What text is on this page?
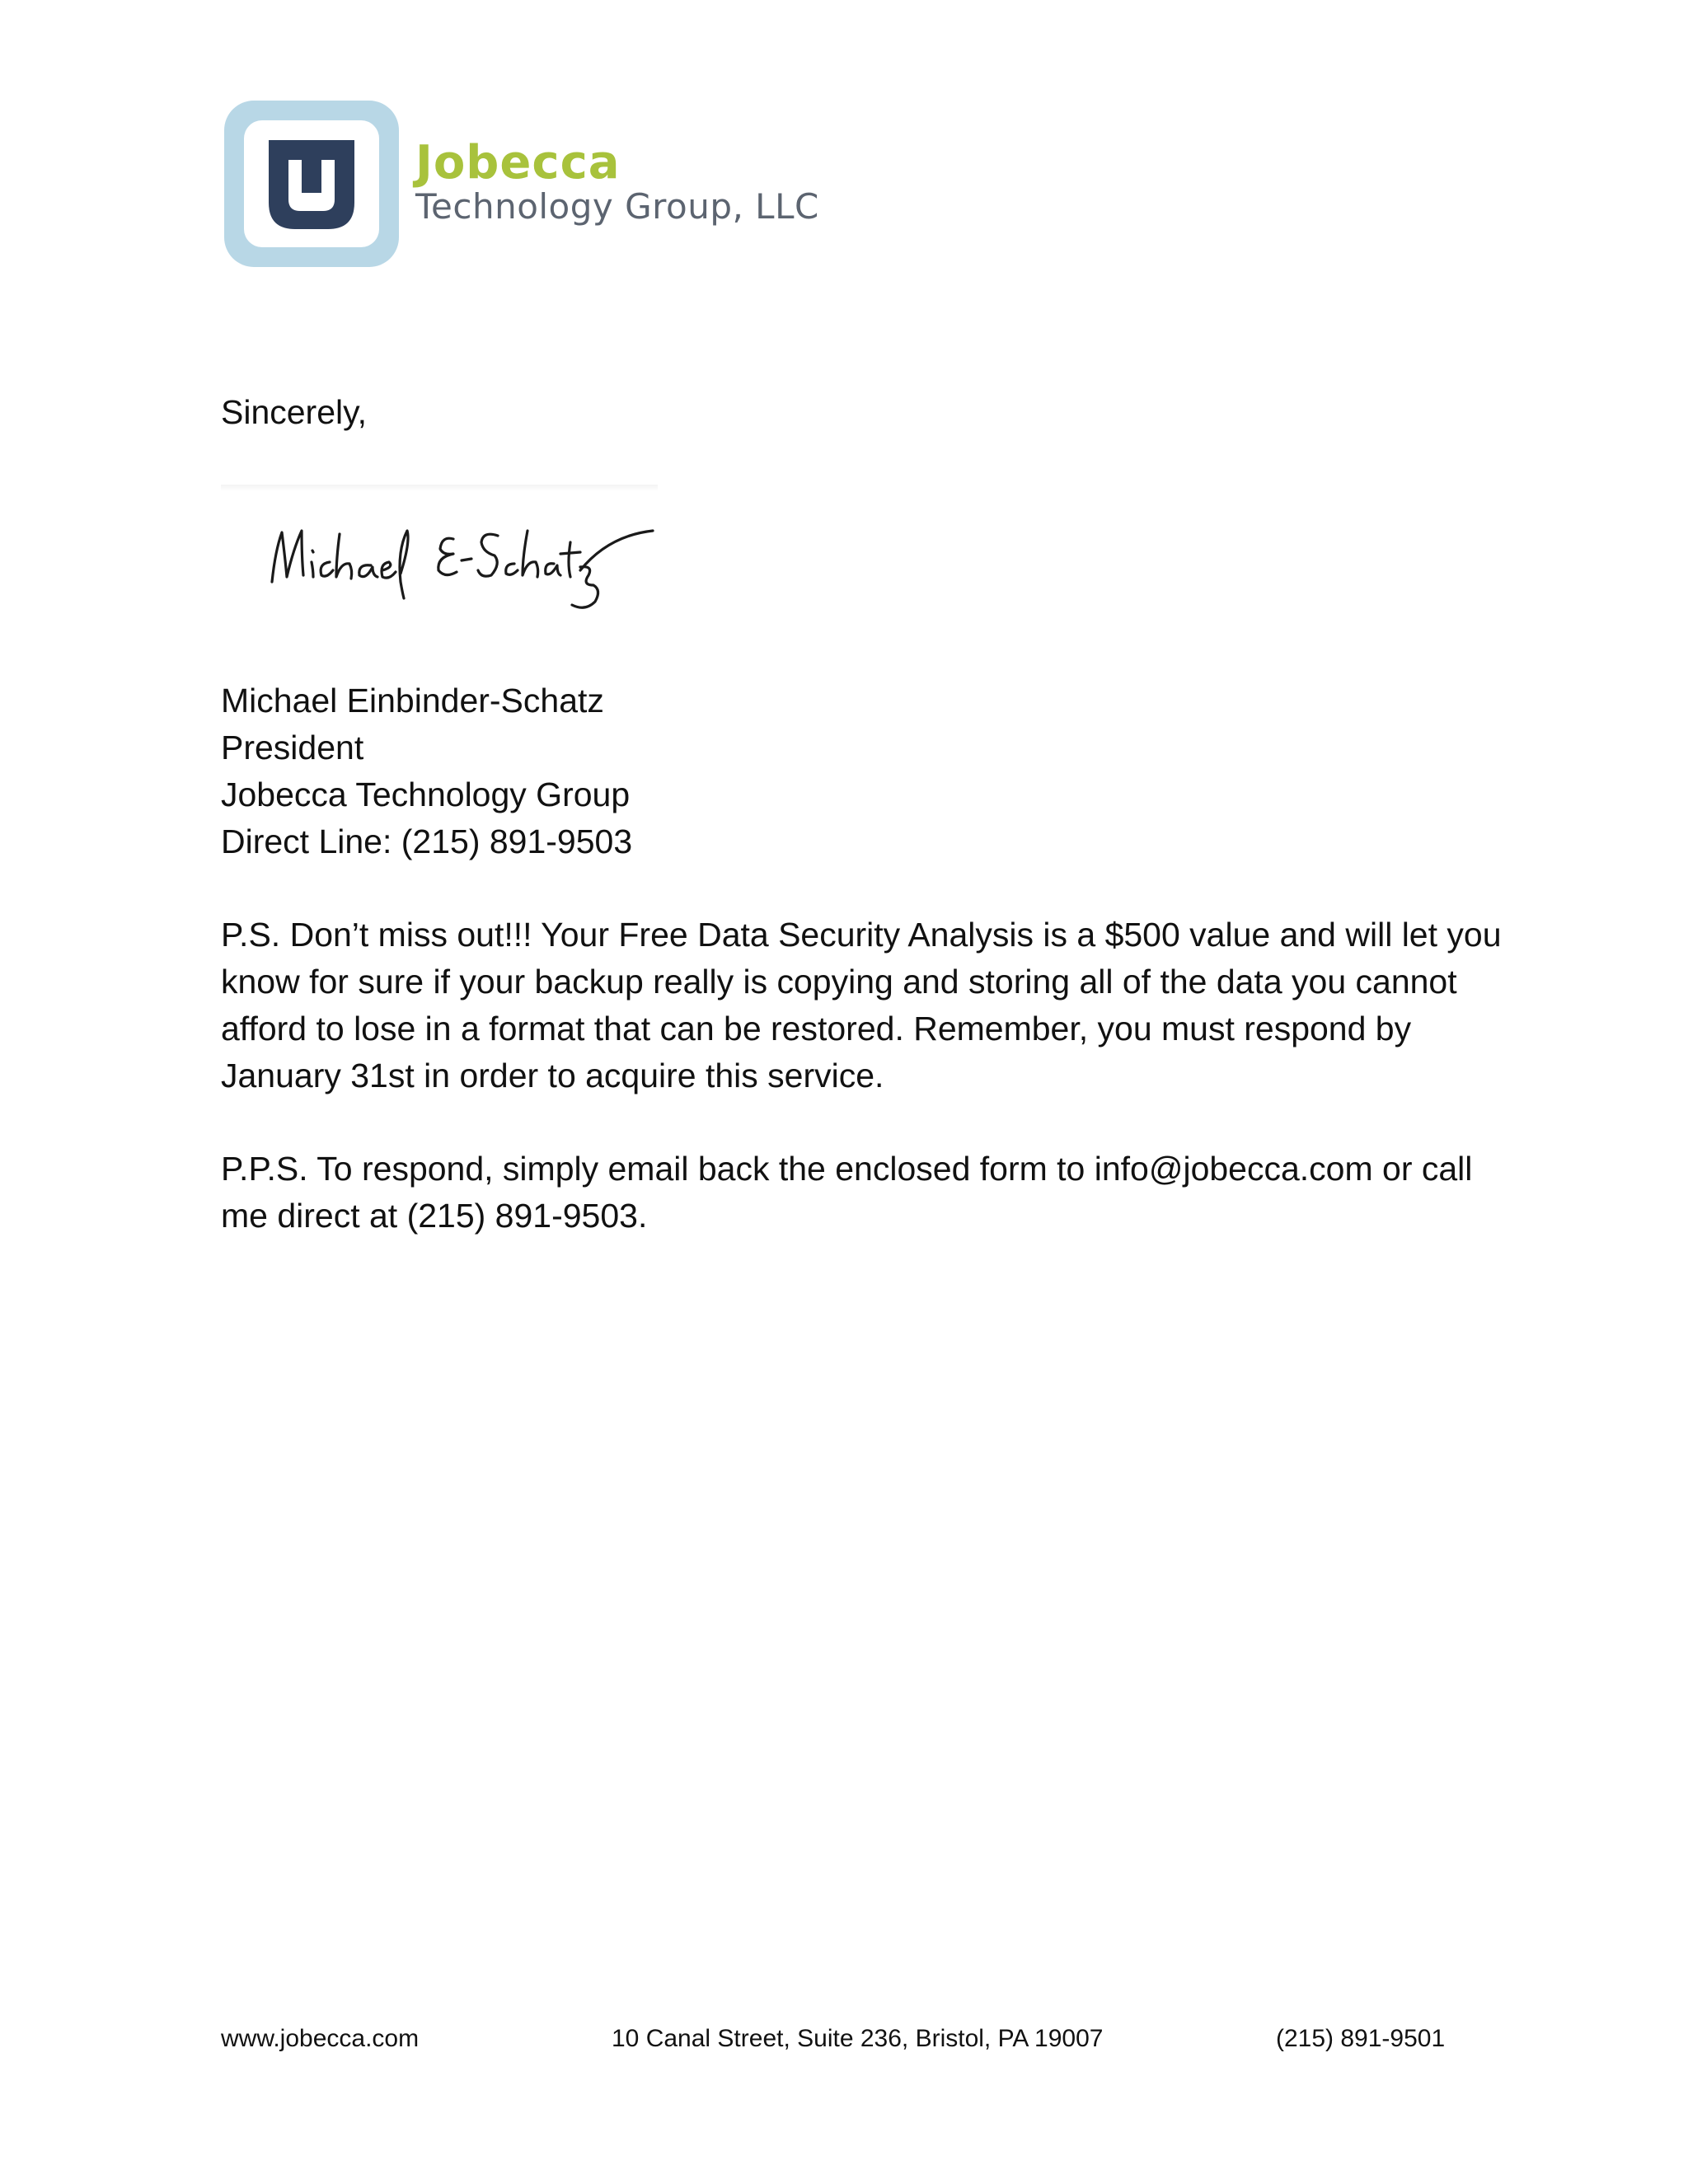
Jobecca
Technology Group, LLC
Sincerely,
Michael Einbinder-Schatz
President
Jobecca Technology Group
Direct Line: (215) 891-9503
P.S. Don’t miss out!!! Your Free Data Security Analysis is a $500 value and will let you know for sure if your backup really is copying and storing all of the data you cannot afford to lose in a format that can be restored. Remember, you must respond by January 31st in order to acquire this service.
P.P.S. To respond, simply email back the enclosed form to info@jobecca.com or call me direct at (215) 891-9503.
www.jobecca.com	10 Canal Street, Suite 236, Bristol, PA 19007	(215) 891-9501
